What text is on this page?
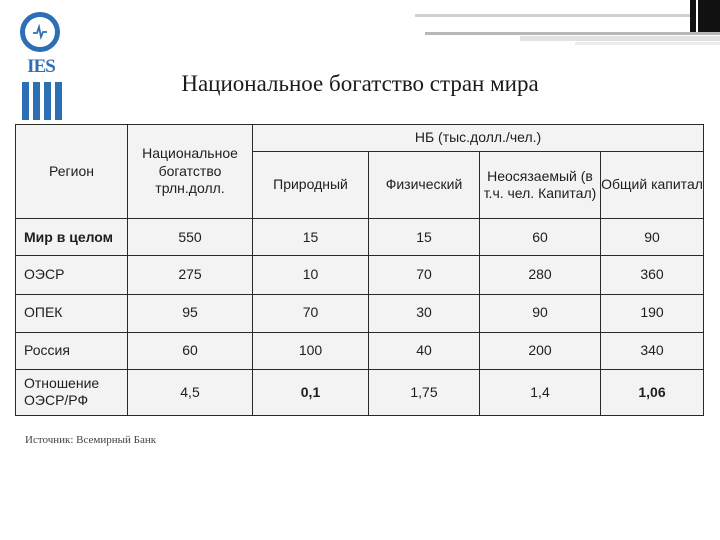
IES
Национальное богатство стран мира
Регион	Национальное богатство трлн.долл.	НБ (тыс.долл./чел.)			
		Природный	Физический	Неосязаемый (в т.ч. чел. Капитал)	Общий капитал
Мир в целом	550	15	15	60	90
ОЭСР	275	10	70	280	360
ОПЕК	95	70	30	90	190
Россия	60	100	40	200	340
Отношение ОЭСР/РФ	4,5	0,1	1,75	1,4	1,06
Источник: Всемирный Банк
